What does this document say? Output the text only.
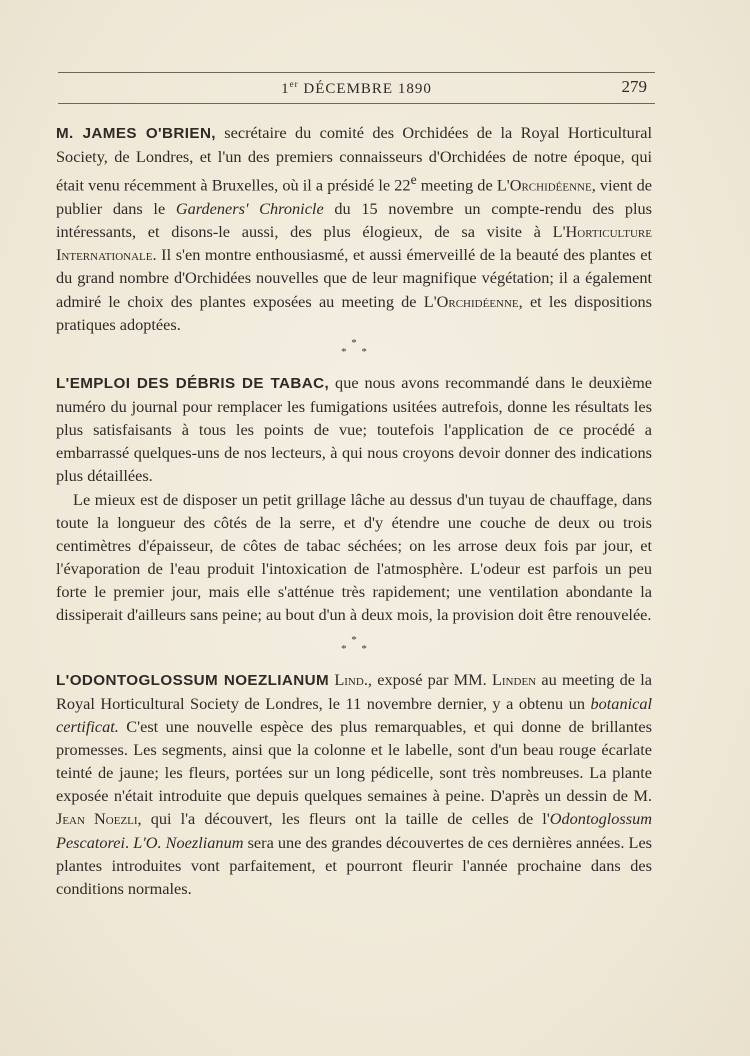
1er DÉCEMBRE 1890	279

M. JAMES O'BRIEN, secrétaire du comité des Orchidées de la Royal Horticultural Society, de Londres, et l'un des premiers connaisseurs d'Orchidées de notre époque, qui était venu récemment à Bruxelles, où il a présidé le 22e meeting de L'Orchidéenne, vient de publier dans le Gardeners' Chronicle du 15 novembre un compte-rendu des plus intéressants, et disons-le aussi, des plus élogieux, de sa visite à L'Horticulture Internationale. Il s'en montre enthousiasmé, et aussi émerveillé de la beauté des plantes et du grand nombre d'Orchidées nouvelles que de leur magnifique végétation; il a également admiré le choix des plantes exposées au meeting de L'Orchidéenne, et les dispositions pratiques adoptées.

*
* *

L'EMPLOI DES DÉBRIS DE TABAC, que nous avons recommandé dans le deuxième numéro du journal pour remplacer les fumigations usitées autrefois, donne les résultats les plus satisfaisants à tous les points de vue; toutefois l'application de ce procédé a embarrassé quelques-uns de nos lecteurs, à qui nous croyons devoir donner des indications plus détaillées.

Le mieux est de disposer un petit grillage lâche au dessus d'un tuyau de chauffage, dans toute la longueur des côtés de la serre, et d'y étendre une couche de deux ou trois centimètres d'épaisseur, de côtes de tabac séchées; on les arrose deux fois par jour, et l'évaporation de l'eau produit l'intoxication de l'atmosphère. L'odeur est parfois un peu forte le premier jour, mais elle s'atténue très rapidement; une ventilation abondante la dissiperait d'ailleurs sans peine; au bout d'un à deux mois, la provision doit être renouvelée.

*
* *

L'ODONTOGLOSSUM NOEZLIANUM Lind., exposé par MM. Linden au meeting de la Royal Horticultural Society de Londres, le 11 novembre dernier, y a obtenu un botanical certificat. C'est une nouvelle espèce des plus remarquables, et qui donne de brillantes promesses. Les segments, ainsi que la colonne et le labelle, sont d'un beau rouge écarlate teinté de jaune; les fleurs, portées sur un long pédicelle, sont très nombreuses. La plante exposée n'était introduite que depuis quelques semaines à peine. D'après un dessin de M. Jean Noezli, qui l'a découvert, les fleurs ont la taille de celles de l'Odontoglossum Pescatorei. L'O. Noezlianum sera une des grandes découvertes de ces dernières années. Les plantes introduites vont parfaitement, et pourront fleurir l'année prochaine dans des conditions normales.
